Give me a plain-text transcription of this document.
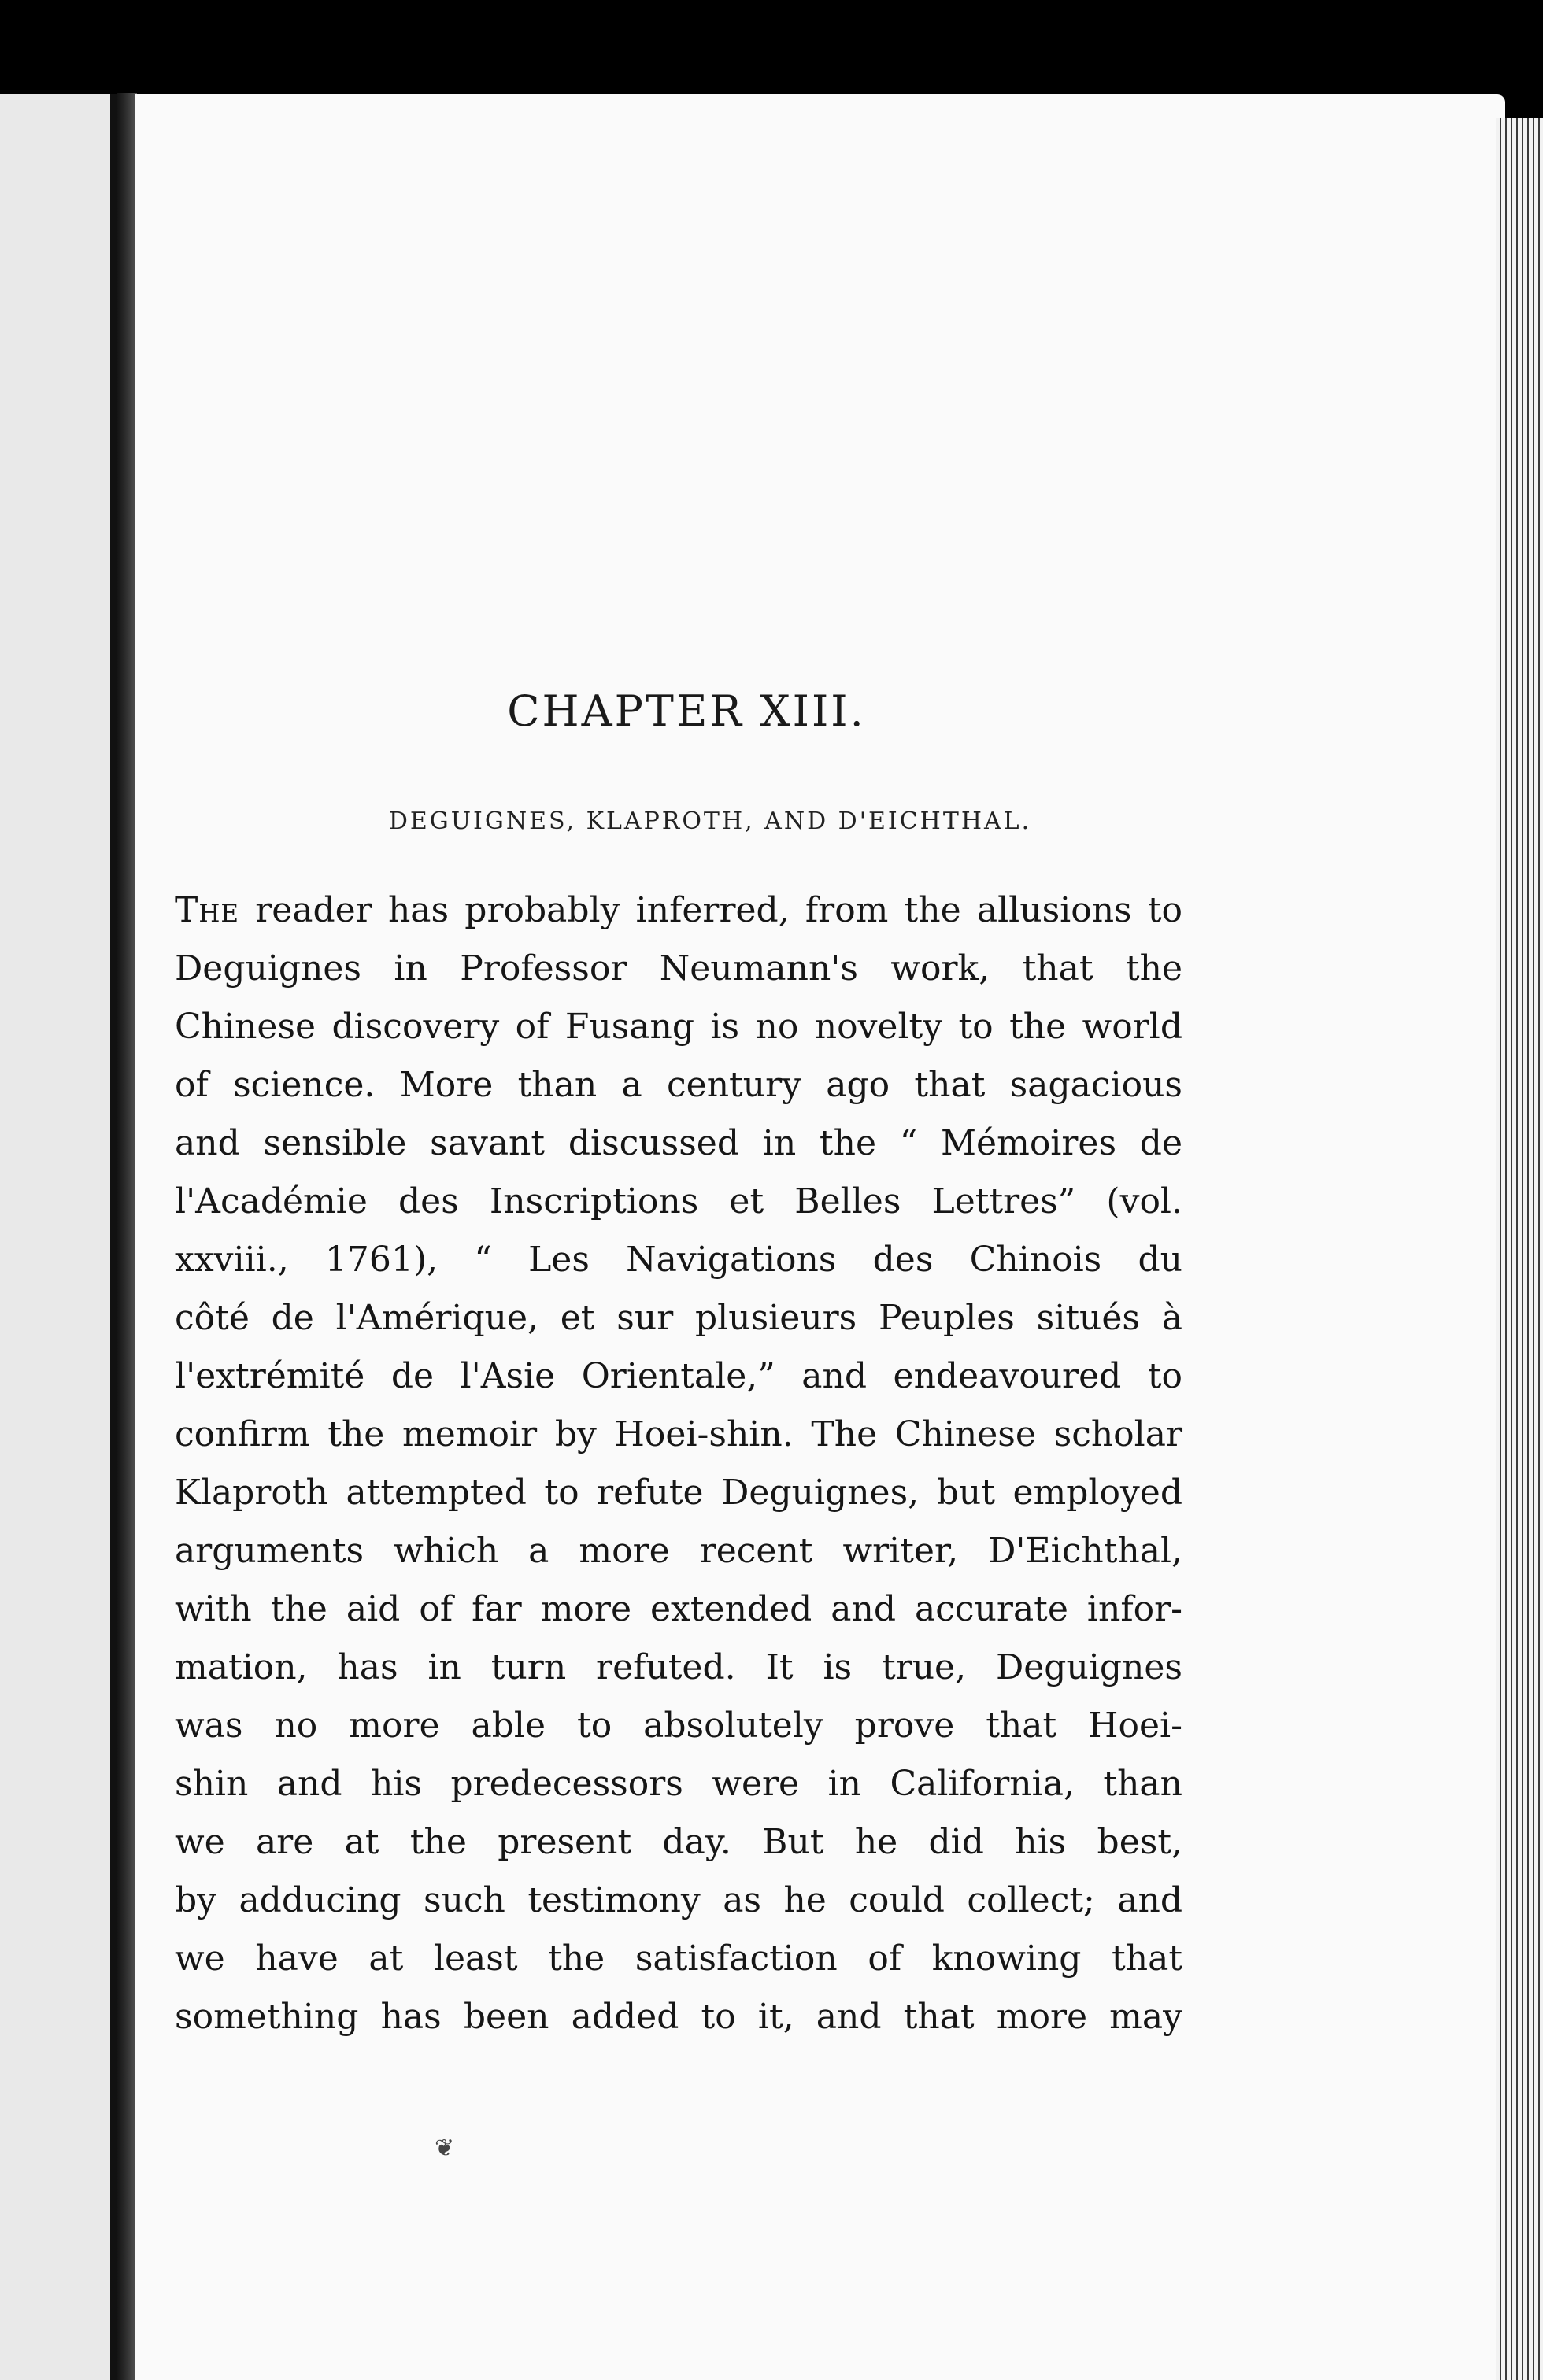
CHAPTER XIII.
DEGUIGNES, KLAPROTH, AND D'EICHTHAL.
The reader has probably inferred, from the allusions to
Deguignes in Professor Neumann's work, that the
Chinese discovery of Fusang is no novelty to the world
of science. More than a century ago that sagacious
and sensible savant discussed in the “ Mémoires de
l'Académie des Inscriptions et Belles Lettres” (vol.
xxviii., 1761), “ Les Navigations des Chinois du
côté de l'Amérique, et sur plusieurs Peuples situés à
l'extrémité de l'Asie Orientale,” and endeavoured to
confirm the memoir by Hoei-shin. The Chinese scholar
Klaproth attempted to refute Deguignes, but employed
arguments which a more recent writer, D'Eichthal,
with the aid of far more extended and accurate infor-
mation, has in turn refuted. It is true, Deguignes
was no more able to absolutely prove that Hoei-
shin and his predecessors were in California, than
we are at the present day. But he did his best,
by adducing such testimony as he could collect; and
we have at least the satisfaction of knowing that
something has been added to it, and that more may
❦
